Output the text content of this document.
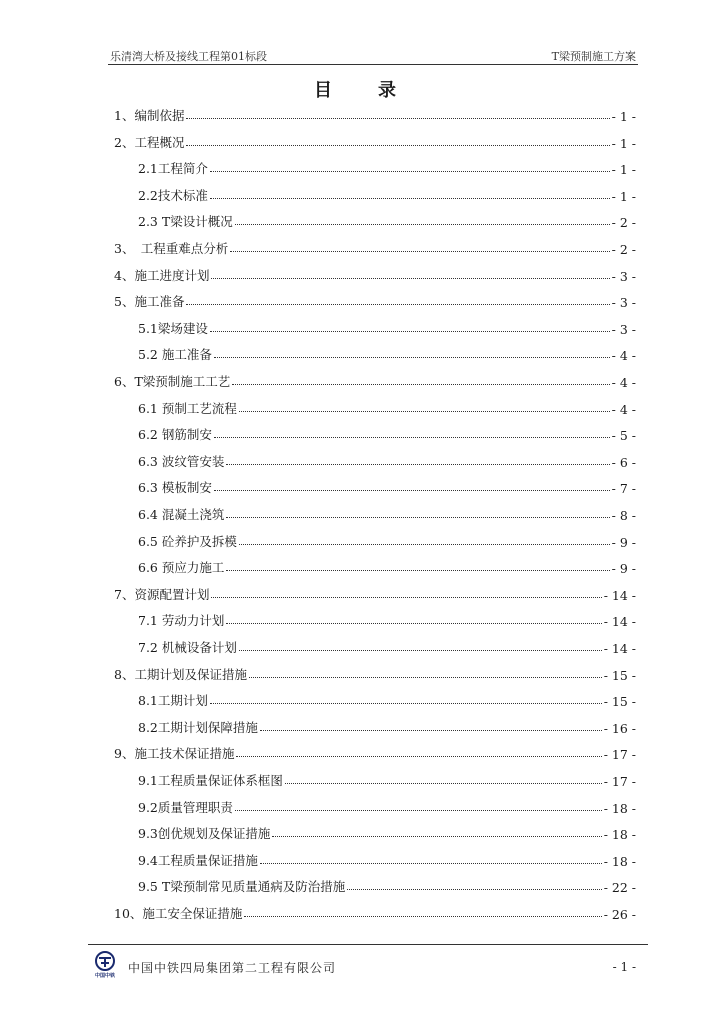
乐清湾大桥及接线工程第01标段	T梁预制施工方案
目　录
1、编制依据	- 1 -
2、工程概况	- 1 -
2.1工程简介	- 1 -
2.2技术标准	- 1 -
2.3 T梁设计概况	- 2 -
3、　工程重难点分析	- 2 -
4、施工进度计划	- 3 -
5、施工准备	- 3 -
5.1梁场建设	- 3 -
5.2 施工准备	- 4 -
6、T梁预制施工工艺	- 4 -
6.1 预制工艺流程	- 4 -
6.2 钢筋制安	- 5 -
6.3 波纹管安装	- 6 -
6.3 模板制安	- 7 -
6.4 混凝土浇筑	- 8 -
6.5 砼养护及拆模	- 9 -
6.6 预应力施工	- 9 -
7、资源配置计划	- 14 -
7.1 劳动力计划	- 14 -
7.2 机械设备计划	- 14 -
8、工期计划及保证措施	- 15 -
8.1工期计划	- 15 -
8.2工期计划保障措施	- 16 -
9、施工技术保证措施	- 17 -
9.1工程质量保证体系框图	- 17 -
9.2质量管理职责	- 18 -
9.3创优规划及保证措施	- 18 -
9.4工程质量保证措施	- 18 -
9.5 T梁预制常见质量通病及防治措施	- 22 -
10、施工安全保证措施	- 26 -
中国中铁
中国中铁四局集团第二工程有限公司	- 1 -
